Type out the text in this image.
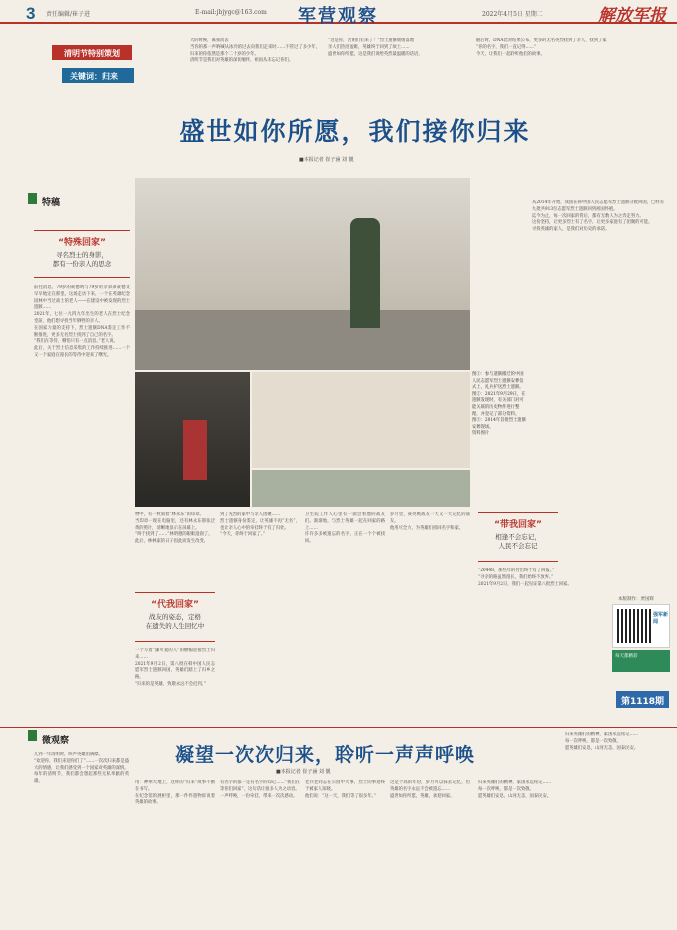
3 责任编辑/崔子进	E-mail:jbjygc@163.com 军营观察	2022年4月5日 星期二	解放军报
清明节特别策划
关键词：归来
大的时候，离我而去
当你的那一声呐喊从冰冷的过去向我们走来时……不管过了多少年，归来的你依然是那个二十岁的少年。
清明节是我们对英雄的深切缅怀，祖国从未忘记你们。
“这是你，苦咱们们来了！”烈士遗骸缓缓落地
亲人们热泪盈眶，英雄终于回到了故土……
盛世如你所愿，这是我们说给英烈最温暖的话语。
随后时，DNA比对结果公布，更多的无名英烈找到了亲人、找到了家
“你的名字，我们一直记得……”
今天，让我们一起聆听他们的故事。
盛世如你所愿，我们接你归来
■本报记者 崔子涵 刘 靓
特稿
“特殊回家”
寻名烈士的身影，
都有一份亲人的思念
前往消息，79岁的聂德明与79岁的亲弟弟聂德文早早地定在那里。这场走访下来，一个在英雄纪念园林中当过战士的老人——在建设中被发现的烈士遗骸……
2021年，七位一九四九年出生的老人在烈士纪念堂前，他们想寻找当年牺牲的亲人。
在国家力量的支持下，烈士遗骸DNA鉴定工作不断推进，更多无名烈士找到了自己的名字。
“我们在等待，哪怕只有一点消息。”老人说。
此后，关于烈士信息采集的工作持续推进……一个又一个家庭在漫长的等待中迎来了曙光。
图①：参与遗骸搬迁的中国人民志愿军烈士遗骸安葬仪式上，礼兵护送烈士遗骸。
图②：2021年9月29日，在遗骸发现时，有关部门对可能关联的历史物件进行整理，并登记了部分资料。
图③：2014年首批烈士遗骸安葬现场。
资料图片
物中，有一枚刻着“林永东”的印章。
当印章一现在电脑里，还有林永东那张泛黄的照片，清晰地显示在屏幕上。
“终于找到了……”林明德的眼眶湿润了。
此后，林林家的日子因此而发生改变。
“代我回家”
战友的姿态，定格
在遗失的人生回忆中
一个写着“廉可爱的人”的横幅迎接烈士归来……
2021年9月2日，第八批在韩中国人民志愿军烈士遗骸回国，英雄们踏上了归乡之路。
“归来的是英雄，致敬永远不会迟到。”
到了先烈的家中与亲人团聚……
烈士遗骸身份鉴定，让英雄不再“无名”，也让亲人心中的牵挂终于有了归处。
“今天，你终于回家了。”
卫生院工作人心里有一面会看他的战友们。渐渐地，与烈士英雄一起在回家的路上……
许许多多被遗忘的名字，正在一个个被找回。
岁月里，聂亮被战友一天又一天记忆的战友。
他用尽全力，为英雄们找回名字和家。
从2014年开始，我国在韩中国人民志愿军烈士遗骸分批回国，已经有九批共913位志愿军烈士遗骸回到祖国怀抱。
迄今为止，每一次回家的背后，都有无数人为之奔走努力。
这份坚持，让更多烈士有了名字，让更多家庭有了团聚的可能。
寻找英雄的家人，是我们对历史的承诺。
“带我回家”
相逢不会忘记，
人民不会忘记
“20448，那些年的付出终于有了回报。”
“寻亲的路虽然漫长，我们始终不放弃。”
2021年9月2日，我们一起见证第八批烈士回家。
本版制作：贾国辉
强军新闻
每天都精彩
第1118期
微观察
凝望一次次归来，聆听一声声呼唤
■本报记者 崔子涵 刘 靓
几到一年清明时，叫声英雄泪满襟。
“欢迎你，我们来迎你们了”……一次次归来都是盛大的情感，让我们感受到一个国家对英雄的深情。
每年的清明节，我们都会想起那些无私奉献的英雄。	用：神州大地上，这样的“归来”故事不断在书写。
在纪念馆的展柜里，那一件件遗物诉说着英雄的故事。
有名字的都一定有名字的印记……“我们在等你们回家”，这句话让很多人为之动容。
一声呼唤，一份牵挂，带来一次次感动。
老兵老同志在公园中大事，烈士的事迹终于被家人知晓。
他们说：“这一天，我们等了很多年。”
这是个高的年份，岁月可以抹去记忆，但英雄的名字永远不会被遗忘……
盛世如你所愿，英雄，欢迎回家。
归来英雄们的精神，家国永远铭记……
每一次呼唤，都是一次致敬。
愿英雄们安息，山河无恙，国泰民安。
归来英雄们的精神，家国永远铭记……
每一次呼唤，都是一次致敬。
愿英雄们安息，山河无恙，国泰民安。
